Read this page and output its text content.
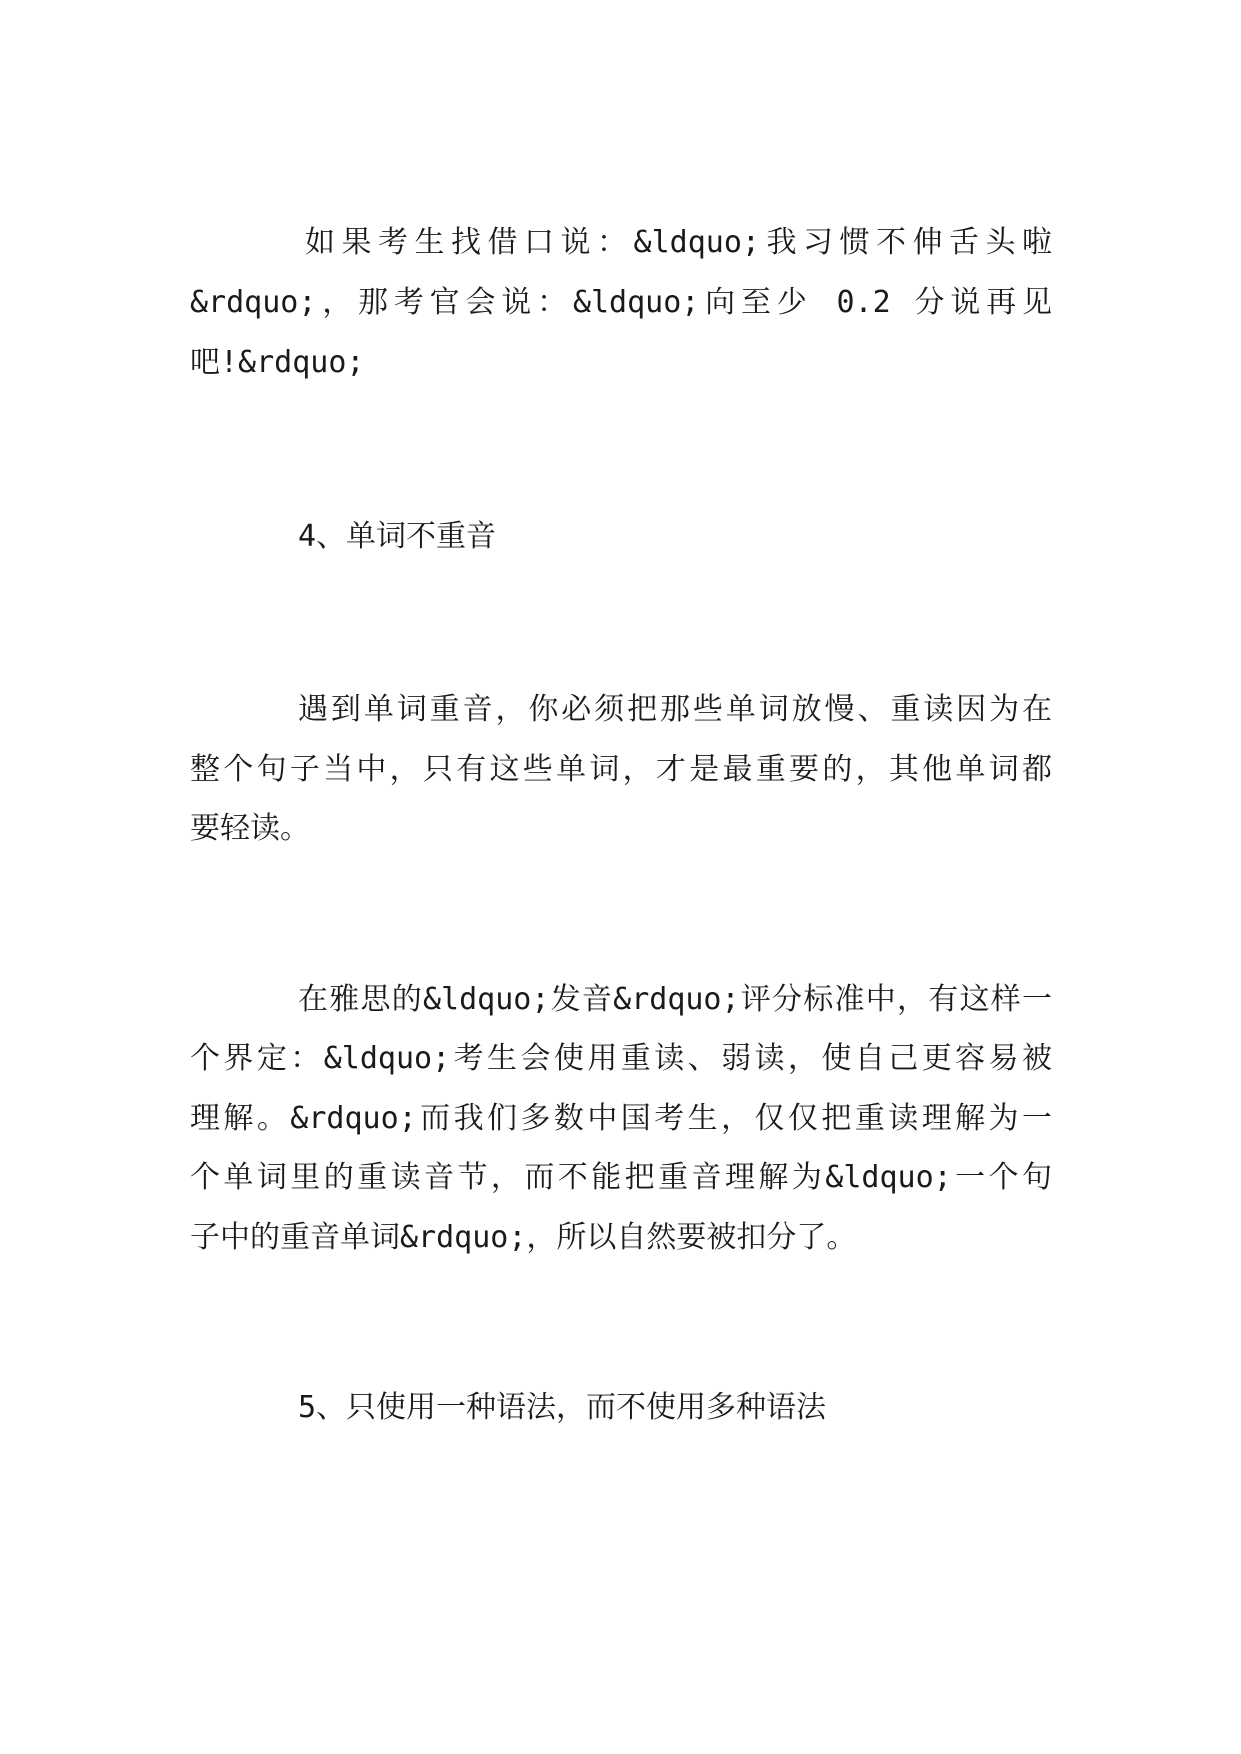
如果考生找借口说：&ldquo;我习惯不伸舌头啦
&rdquo;，那考官会说：&ldquo;向至少 0.2 分说再见
吧!&rdquo;
4、单词不重音
遇到单词重音，你必须把那些单词放慢、重读因为在
整个句子当中，只有这些单词，才是最重要的，其他单词都
要轻读。
在雅思的&ldquo;发音&rdquo;评分标准中，有这样一
个界定：&ldquo;考生会使用重读、弱读，使自己更容易被
理解。&rdquo;而我们多数中国考生，仅仅把重读理解为一
个单词里的重读音节，而不能把重音理解为&ldquo;一个句
子中的重音单词&rdquo;，所以自然要被扣分了。
5、只使用一种语法，而不使用多种语法
